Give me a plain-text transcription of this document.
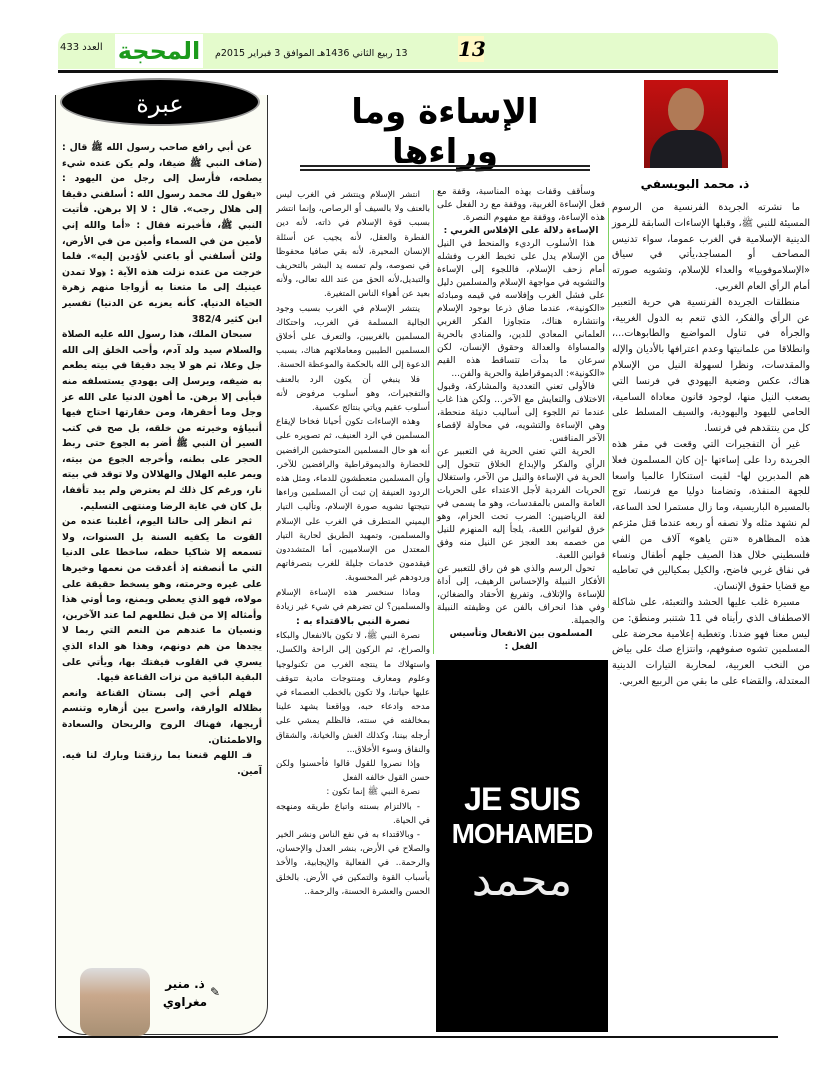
العدد 433 المحجة 13 ربيع الثاني 1436هـ الموافق 3 فبراير 2015م	13
ذ. محمد البويسفي
الإساءة وما وراءها

ما نشرته الجريدة الفرنسية من الرسوم المسيئة للنبي ﷺ، وقبلها الإساءات السابقة للرموز الدينية الإسلامية في الغرب عموما، سواء تدنيس المصاحف أو المساجد،يأتي في سياق «الإسلاموفوبيا» والعداء للإسلام، وتشويه صورته أمام الرأي العام الغربي.

منطلقات الجريدة الفرنسية هي حرية التعبير عن الرأي والفكر، الذي تنعم به الدول الغربية، والجرأة في تناول المواضيع والطابوهات...، وانطلاقا من علمانيتها وعدم اعترافها بالأديان والإله والمقدسات، ونظرا لسهولة النيل من الإسلام هناك، عكس وضعية اليهودي في فرنسا التي يصعب النيل منها، لوجود قانون معاداة السامية، الحامي لليهود واليهودية، والسيف المسلط على كل من ينتقدهم في فرنسا.

غير أن التفجيرات التي وقعت في مقر هذه الجريدة ردا على إساءتها -إن كان المسلمون فعلا هم المدبرين لها- لقيت استنكارا عالميا واسعا للجهة المنفذة، وتضامنا دوليا مع فرنسا، توج بالمسيرة الباريسية، وما زال مستمرا لحد الساعة، لم نشهد مثله ولا نصفه أو ربعه عندما قتل مئزعم هذه المظاهرة «نتن ياهو» آلاف من الفي فلسطيني خلال هذا الصيف جلهم أطفال ونساء في نفاق غربي فاضح، والكيل بمكيالين في تعاطيه مع قضايا حقوق الإنسان.

مسيرة غلب عليها الحشد والتعبئة، على شاكلة الاصطفاف الذي رأيناه في 11 شتنبر ومنطق: من ليس معنا فهو ضدنا. وتغطية إعلامية محرضة على المسلمين تشوه صفوفهم، وانتزاع صك على بياض من النخب العربية، لمحاربة التيارات الدينية المعتدلة، والقضاء على ما بقي من الربيع العربي.

وسأقف وقفات بهذه المناسبة، وقفة مع فعل الإساءة الغربية، ووقفة مع رد الفعل على هذه الإساءة، ووقفة مع مفهوم النصرة.

الإساءة دلالة على الإفلاس الغربي :

هذا الأسلوب الرديء والمنحط في النيل من الإسلام يدل على تخبط الغرب وفشله أمام زحف الإسلام، فاللجوء إلى الإساءة والتشويه في مواجهة الإسلام والمسلمين دليل على فشل الغرب وإفلاسه في قيمه ومبادئه «الكونية»، عندما ضاق ذرعا بوجود الإسلام وانتشاره هناك، متجاوزا الفكر الغربي العلماني المعادي للدين، والمنادي بالحرية والمساواة والعدالة وحقوق الإنسان، لكن سرعان ما بدأت تتساقط هذه القيم «الكونية»: الديموقراطية والحرية والفن...

فالأولى تعني التعددية والمشاركة، وقبول الاختلاف والتعايش مع الآخر... ولكن هذا غاب عندما تم اللجوء إلى أساليب دنيئة منحطة، وهي الإساءة والتشويه، في محاولة لإقصاء الآخر المنافس.

الحرية التي تعني الحرية في التعبير عن الرأي والفكر والإبداع الخلاق تتحول إلى الحرية في الإساءة والنيل من الآخر، واستغلال الحريات الفردية لأجل الاعتداء على الحريات العامة والمس بالمقدسات، وهو ما يسمى في لغة الرياضيين: الضرب تحت الحزام، وهو خرق لقوانين اللعبة، يلجأ إليه المنهزم للنيل من خصمه بعد العجز عن النيل منه وفق قوانين اللعبة.

تحول الرسم والذي هو فن راق للتعبير عن الأفكار النبيلة والإحساس الرهيف، إلى أداة للإساءة والإتلاف، وتفريغ الأحقاد والضغائن، وفي هذا انحراف بالفن عن وظيفته النبيلة والجميلة.

المسلمون بين الانفعال وتأسيس الفعل :

انتشر الإسلام وينتشر في الغرب ليس بالعنف ولا بالسيف أو الرصاص، وإنما انتشر بسبب قوة الإسلام في ذاته، لأنه دين الفطرة والعقل، لأنه يجيب عن أسئلة الإنسان المحيرة، لأنه بقي صافيا محفوظا في نصوصه، ولم تمسه يد البشر بالتحريف والتبديل،لأنه الحق من عند الله تعالى، ولأنه بعيد عن أهواء الناس المتغيرة.

ينتشر الإسلام في الغرب بسبب وجود الجالية المسلمة في الغرب، واحتكاك المسلمين بالغربيين، والتعرف على أخلاق المسلمين الطيبين ومعاملاتهم هناك، بسبب الدعوة إلى الله بالحكمة والموعظة الحسنة.

فلا ينبغي أن يكون الرد بالعنف والتفجيرات، وهو أسلوب مرفوض لأنه أسلوب عقيم وياتي بنتائج عكسية.

وهذه الإساءات تكون أحيانا فخاخا لإيقاع المسلمين في الرد العنيف، ثم تصويره على أنه هو حال المسلمين المتوحشين الرافضين للحضارة والديموقراطية والرافضين للآخر، وأن المسلمين متعطشون للدماء، ومثل هذه الردود العنيفة إن ثبت أن المسلمين وراءها نتيجتها تشويه صورة الإسلام، وتأليب التيار اليميني المتطرف في الغرب على الإسلام والمسلمين، وتمهيد الطريق لحارية التيار المعتدل من الإسلاميين، أما المتشددون فيقدمون خدمات جليلة للغرب بتصرفاتهم وردودهم غير المحسوبة.

وماذا سنخسر هذه الإساءة الإسلام والمسلمين؟ لن تضرهم في شيء غير زيادة

نصرة النبي بالاقتداء به :

نصرة النبي ﷺ، لا تكون بالانفعال والبكاء والصراخ، ثم الركون إلى الراحة والكسل، واستهلاك ما ينتجه الغرب من تكنولوجيا وعلوم ومعارف ومنتوجات مادية تتوقف عليها حياتنا، ولا تكون بالخطب العصماء في مدحه وادعاء حبه، وواقعنا يشهد علينا بمخالفته في سنته، فالظلم يمشي على أرجله بيننا، وكذلك الغش والخيانة، والشقاق والنفاق وسوء الأخلاق...

وإذا نصروا للقول قالوا فأحسنوا ولكن حسن القول خالفه الفعل

نصرة النبي ﷺ إنما تكون :

- بالالتزام بسنته واتباع طريقه ومنهجه في الحياة.

- وبالاقتداء به في نفع الناس ونشر الخير والصلاح في الأرض، بنشر العدل والإحسان، والرحمة.. في الفعالية والإيجابية، والأخذ بأسباب القوة والتمكين في الأرض. بالخلق الحسن والعشرة الحسنة، والرحمة..

JE SUIS
MOHAMED
محمد
عبرة

عن أبي رافع صاحب رسول الله ﷺ قال : (ضاف النبي ﷺ ضيفا، ولم يكن عنده شيء يصلحه، فأرسل إلى رجل من اليهود : «يقول لك محمد رسول الله : أسلفني دقيقا إلى هلال رجب». قال : لا إلا برهن. فأتيت النبي ﷺ، فأخبرته فقال : «أما والله إني لأمين من في السماء وأمين من في الأرض، ولئن أسلفني أو باعني لأؤدين إليه». فلما خرجت من عنده نزلت هذه الآية : ﴿ولا تمدن عينيك إلى ما متعنا به أزواجا منهم زهرة الحياة الدنيا﴾. كأنه يعزيه عن الدنيا) تفسير ابن كثير 382/4

سبحان الملك، هذا رسول الله عليه الصلاة والسلام سيد ولد آدم، وأحب الخلق إلى الله جل وعلا، ثم هو لا يجد دقيقا في بيته يطعم به ضيفه، ويرسل إلى يهودي يستسلفه منه فيأبى إلا برهن. ما أهون الدنيا على الله عز وجل وما أحقرها، ومن حقارتها احتاج فيها أنبياؤه وخيرته من خلقه، بل صح في كتب السير أن النبي ﷺ أضر به الجوع حتى ربط الحجر على بطنه، وأخرجه الجوع من بيته، ويمر عليه الهلال والهلالان ولا توقد في بيته نار، ورغم كل ذلك لم يعترض ولم يبد تأففا، بل كان في غاية الرضا ومنتهى التسليم.

ثم انظر إلى حالنا اليوم، أغلبنا عنده من القوت ما يكفيه السنة بل السنوات، ولا تسمعه إلا شاكيا حظه، ساخطا على الدنيا التي ما أنصفته إذ أغدقت من نعمها وخيرها على غيره وحرمته، وهو يسخط حقيقة على مولاه، فهو الذي يعطي ويمنع، وما أوتي هذا وأمثاله إلا من قبل تطلعهم لما عند الآخرين، ونسيان ما عندهم من النعم التي ربما لا يجدها من هم دونهم، وهذا هو الداء الذي يسري في القلوب فيفتك بها، ويأتي على البقية الباقية من نزات القناعة فيها.

فهلم أخي إلى بستان القناعة وانعم بظلاله الوارفة، واسرح بين أزهاره وتنسم أريجها، فهناك الروح والريحان والسعادة والاطمئنان.

فـ اللهم قنعنا بما رزقتنا وبارك لنا فيه. آمين.

ذ. منير مغراوي
✎
